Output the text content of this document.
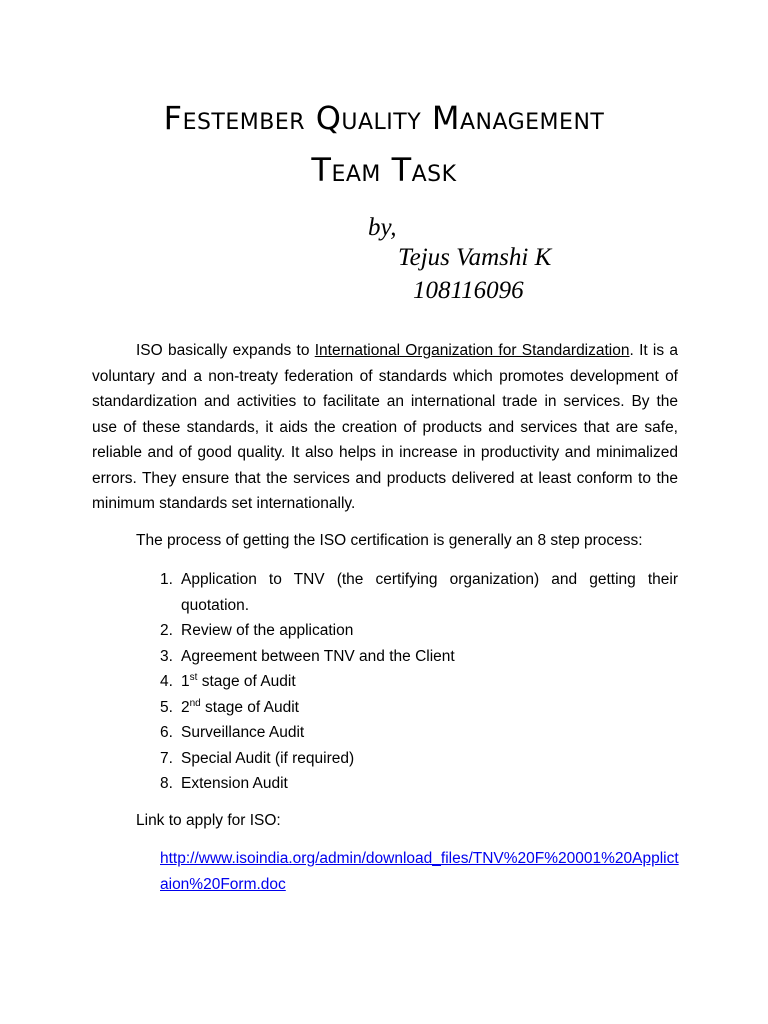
Festember Quality Management
Team Task
by,
Tejus Vamshi K
108116096

ISO basically expands to International Organization for Standardization. It is a voluntary and a non-treaty federation of standards which promotes development of standardization and activities to facilitate an international trade in services. By the use of these standards, it aids the creation of products and services that are safe, reliable and of good quality. It also helps in increase in productivity and minimalized errors. They ensure that the services and products delivered at least conform to the minimum standards set internationally.

The process of getting the ISO certification is generally an 8 step process:
1. Application to TNV (the certifying organization) and getting their quotation.
2. Review of the application
3. Agreement between TNV and the Client
4. 1st stage of Audit
5. 2nd stage of Audit
6. Surveillance Audit
7. Special Audit (if required)
8. Extension Audit
Link to apply for ISO:
http://www.isoindia.org/admin/download_files/TNV%20F%20001%20Applictaion%20Form.doc
